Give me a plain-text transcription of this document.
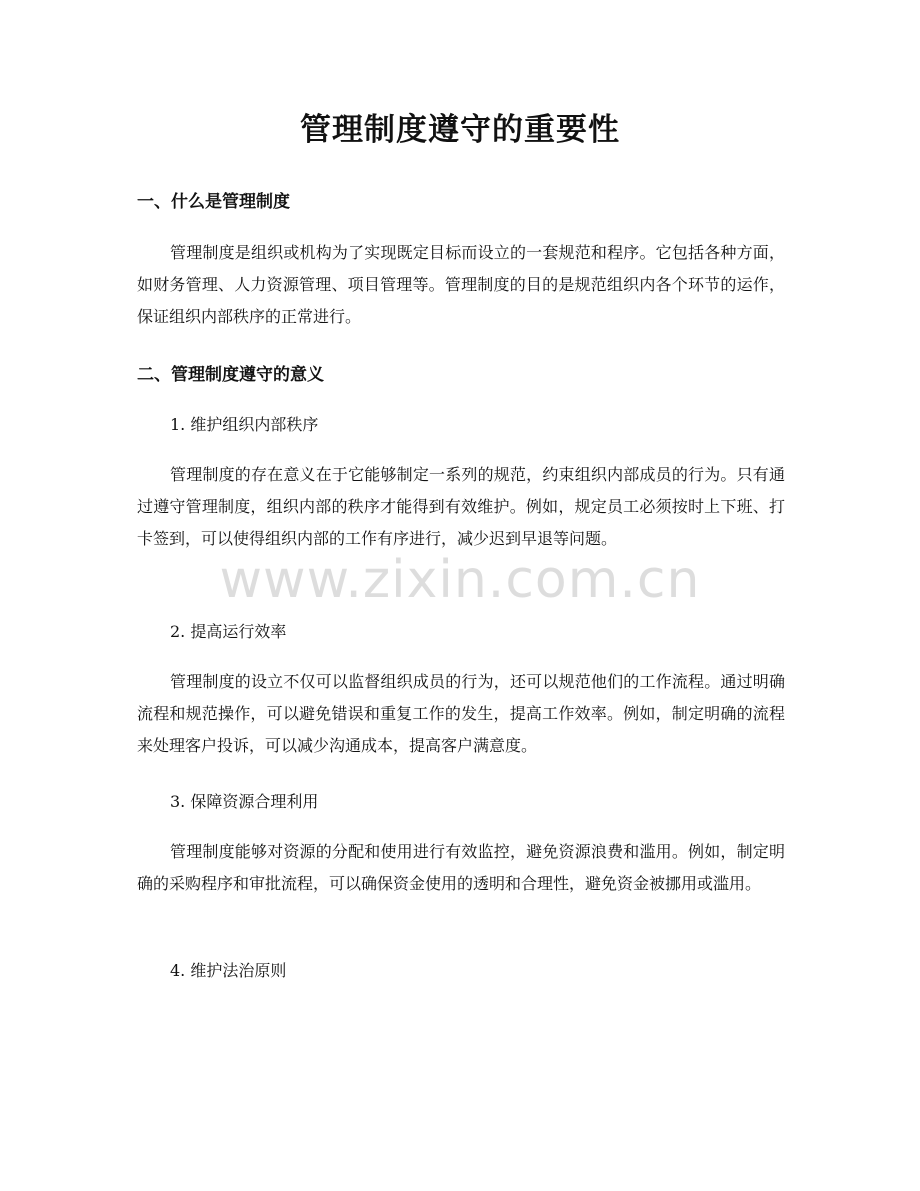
管理制度遵守的重要性
一、什么是管理制度
管理制度是组织或机构为了实现既定目标而设立的一套规范和程序。它包括各种方面，如财务管理、人力资源管理、项目管理等。管理制度的目的是规范组织内各个环节的运作，保证组织内部秩序的正常进行。
二、管理制度遵守的意义
1. 维护组织内部秩序
管理制度的存在意义在于它能够制定一系列的规范，约束组织内部成员的行为。只有通过遵守管理制度，组织内部的秩序才能得到有效维护。例如，规定员工必须按时上下班、打卡签到，可以使得组织内部的工作有序进行，减少迟到早退等问题。
2. 提高运行效率
管理制度的设立不仅可以监督组织成员的行为，还可以规范他们的工作流程。通过明确流程和规范操作，可以避免错误和重复工作的发生，提高工作效率。例如，制定明确的流程来处理客户投诉，可以减少沟通成本，提高客户满意度。
3. 保障资源合理利用
管理制度能够对资源的分配和使用进行有效监控，避免资源浪费和滥用。例如，制定明确的采购程序和审批流程，可以确保资金使用的透明和合理性，避免资金被挪用或滥用。
4. 维护法治原则
www.zixin.com.cn
